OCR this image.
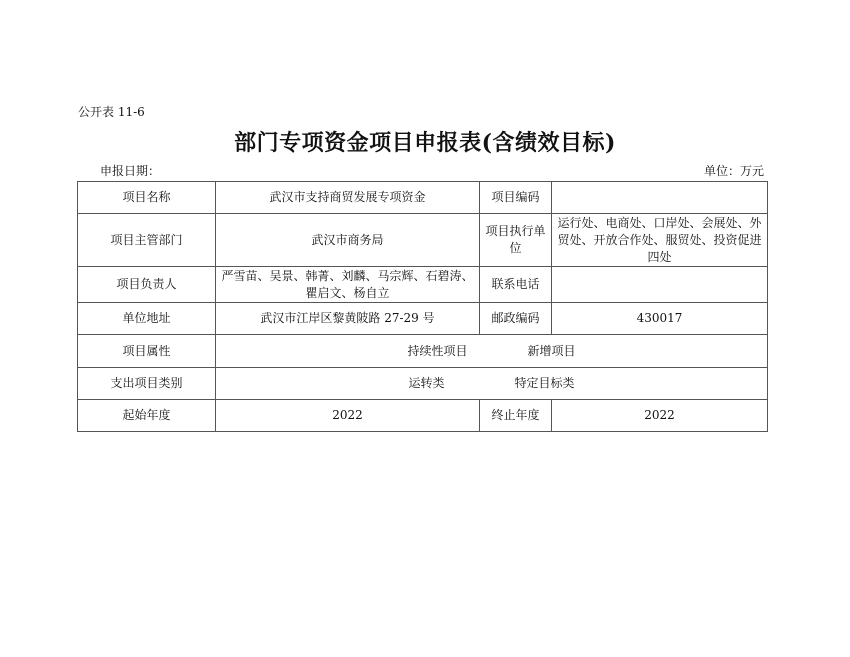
公开表 11-6
部门专项资金项目申报表(含绩效目标)
申报日期：	单位：万元
项目名称	武汉市支持商贸发展专项资金	项目编码	
项目主管部门	武汉市商务局	项目执行单位	运行处、电商处、口岸处、会展处、外贸处、开放合作处、服贸处、投资促进四处
项目负责人	严雪苗、吴景、韩菁、刘麟、马宗辉、石碧涛、瞿启文、杨自立	联系电话	
单位地址	武汉市江岸区黎黄陂路 27-29 号	邮政编码	430017
项目属性	持续性项目 新增项目		
支出项目类别	运转类 特定目标类		
起始年度	2022	终止年度	2022
